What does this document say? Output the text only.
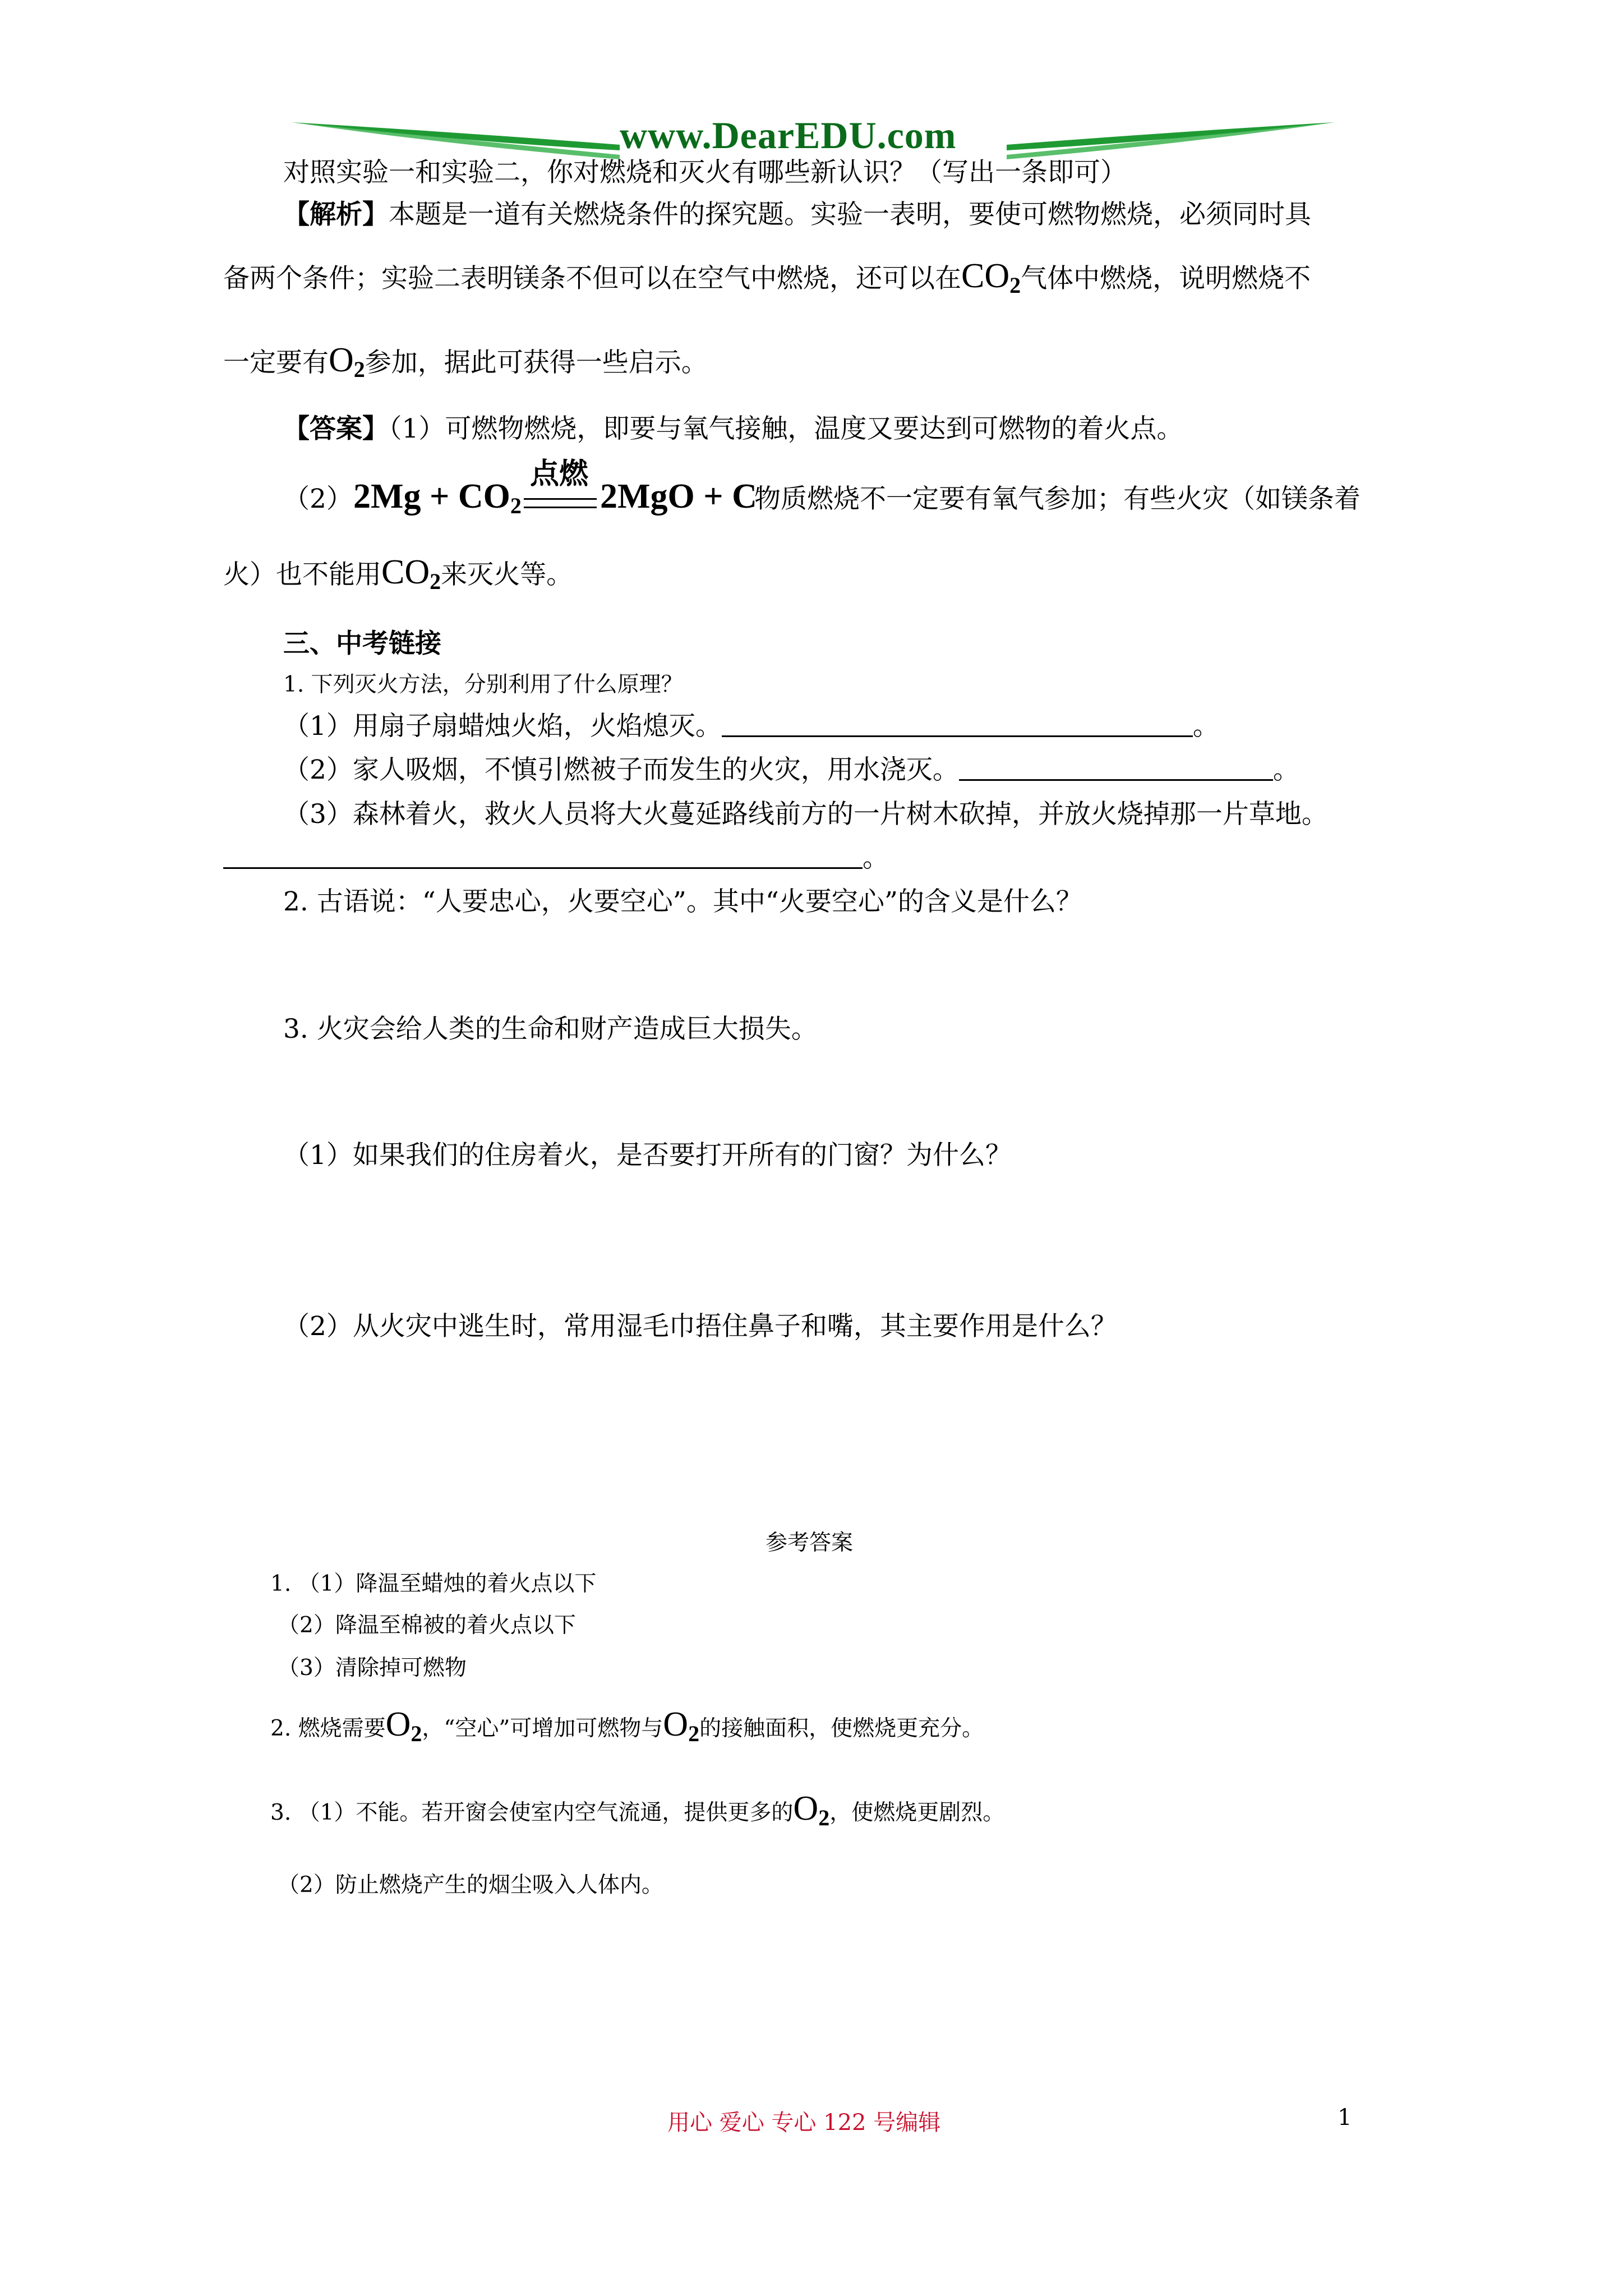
www.DearEDU.com
对照实验一和实验二，你对燃烧和灭火有哪些新认识？（写出一条即可）
【解析】本题是一道有关燃烧条件的探究题。实验一表明，要使可燃物燃烧，必须同时具
备两个条件；实验二表明镁条不但可以在空气中燃烧，还可以在$CO_2$气体中燃烧，说明燃烧不
一定要有$O_2$参加，据此可获得一些启示。
【答案】（1）可燃物燃烧，即要与氧气接触，温度又要达到可燃物的着火点。
（2） $2Mg + CO_2$
点燃
2MgO + C
物质燃烧不一定要有氧气参加；有些火灾（如镁条着
火）也不能用$CO_2$来灭火等。
三、中考链接
1. 下列灭火方法，分别利用了什么原理？
（1）用扇子扇蜡烛火焰，火焰熄灭。	。
（2）家人吸烟，不慎引燃被子而发生的火灾，用水浇灭。	。
（3）森林着火，救火人员将大火蔓延路线前方的一片树木砍掉，并放火烧掉那一片草地。
。
2. 古语说：“人要忠心，火要空心”。其中“火要空心”的含义是什么？
3. 火灾会给人类的生命和财产造成巨大损失。
（1）如果我们的住房着火，是否要打开所有的门窗？为什么？
（2）从火灾中逃生时，常用湿毛巾捂住鼻子和嘴，其主要作用是什么？
参考答案
1. （1）降温至蜡烛的着火点以下
（2）降温至棉被的着火点以下
（3）清除掉可燃物
2. 燃烧需要$O_2$，“空心”可增加可燃物与$O_2$的接触面积，使燃烧更充分。
3. （1）不能。若开窗会使室内空气流通，提供更多的$O_2$，使燃烧更剧烈。
（2）防止燃烧产生的烟尘吸入人体内。
用心 爱心 专心 122 号编辑	1
